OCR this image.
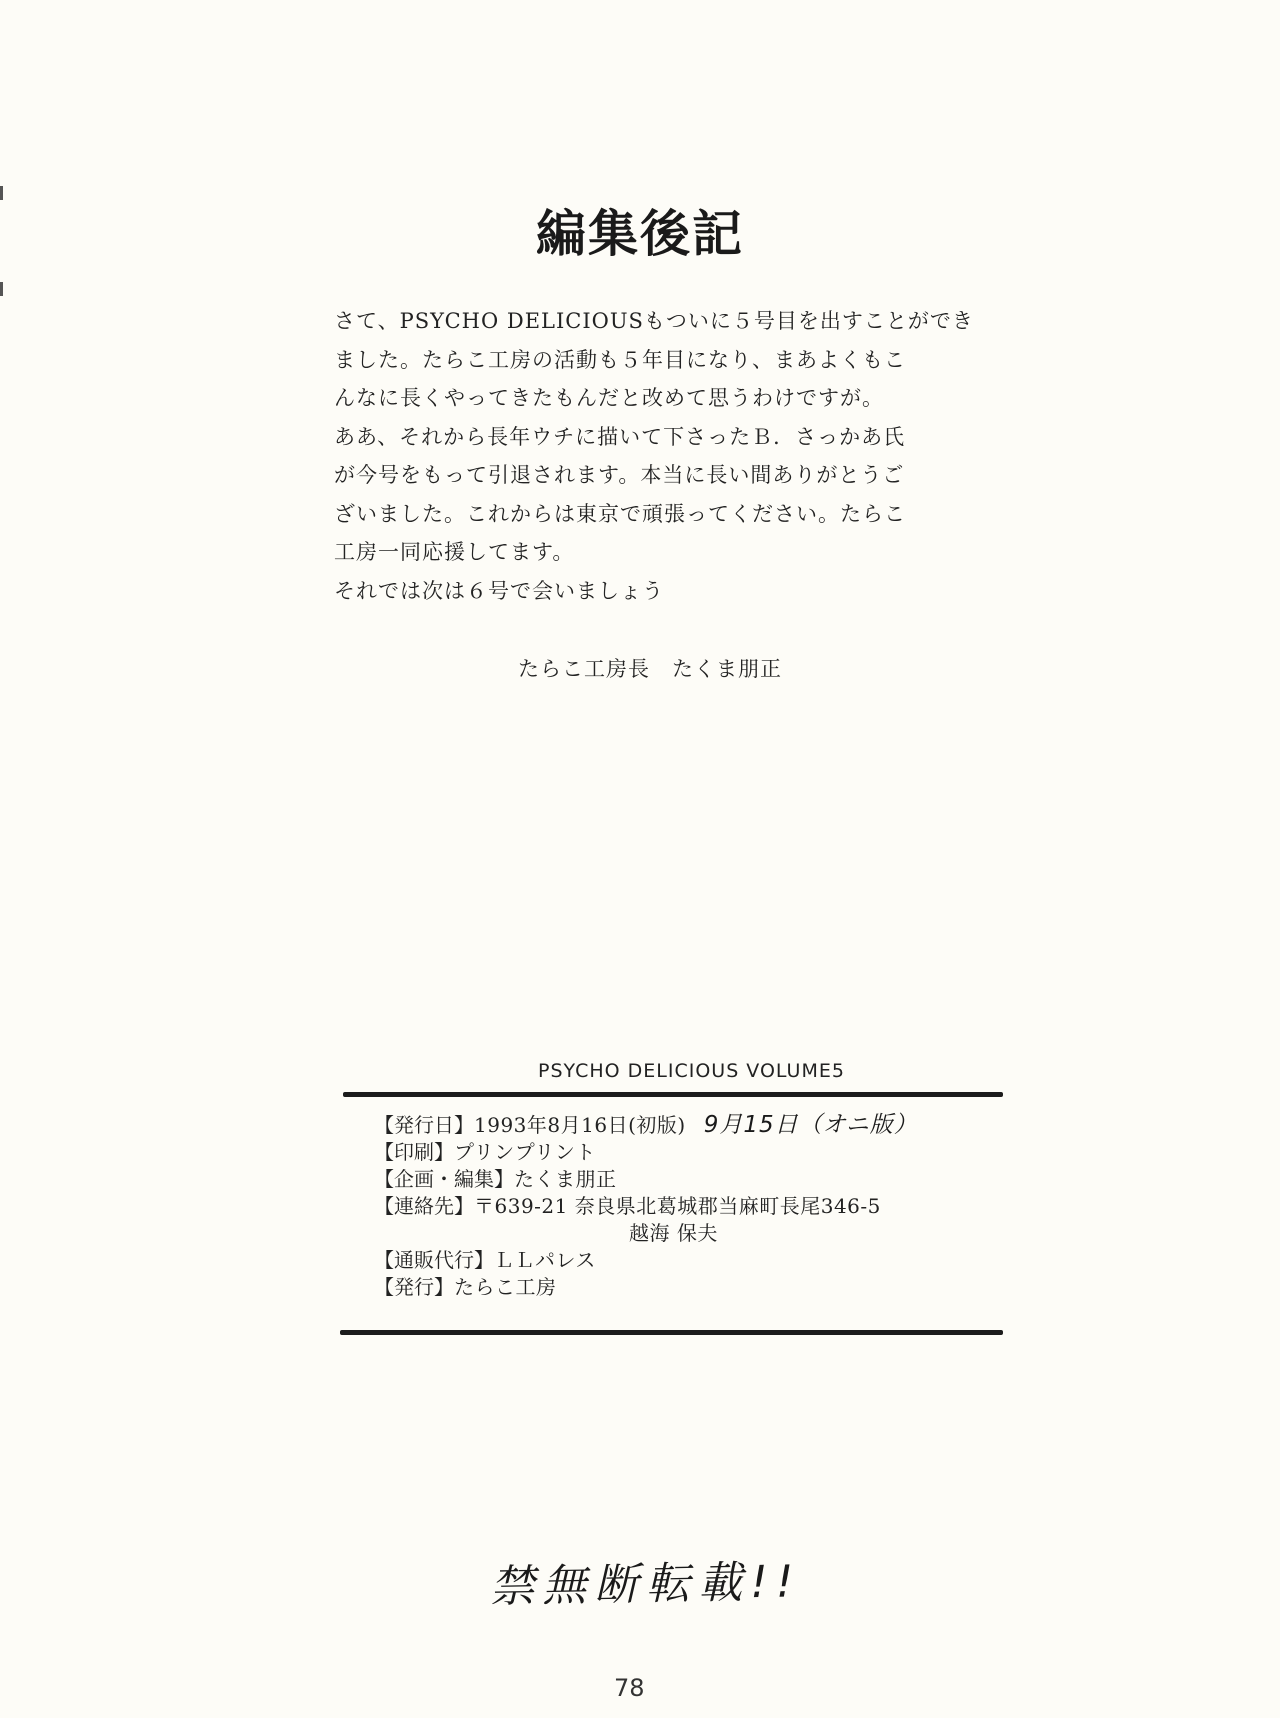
編集後記
さて、PSYCHO DELICIOUSもついに５号目を出すことができ
ました。たらこ工房の活動も５年目になり、まあよくもこ
んなに長くやってきたもんだと改めて思うわけですが。
ああ、それから長年ウチに描いて下さったＢ．さっかあ氏
が今号をもって引退されます。本当に長い間ありがとうご
ざいました。これからは東京で頑張ってください。たらこ
工房一同応援してます。
それでは次は６号で会いましょう
たらこ工房長　たくま朋正
PSYCHO DELICIOUS VOLUME5
【発行日】1993年8月16日(初版) 9月15日（オニ版）
【印刷】プリンプリント
【企画・編集】たくま朋正
【連絡先】〒639-21 奈良県北葛城郡当麻町長尾346-5
越海 保夫
【通販代行】ＬＬパレス
【発行】たらこ工房
禁無断転載!!
78
